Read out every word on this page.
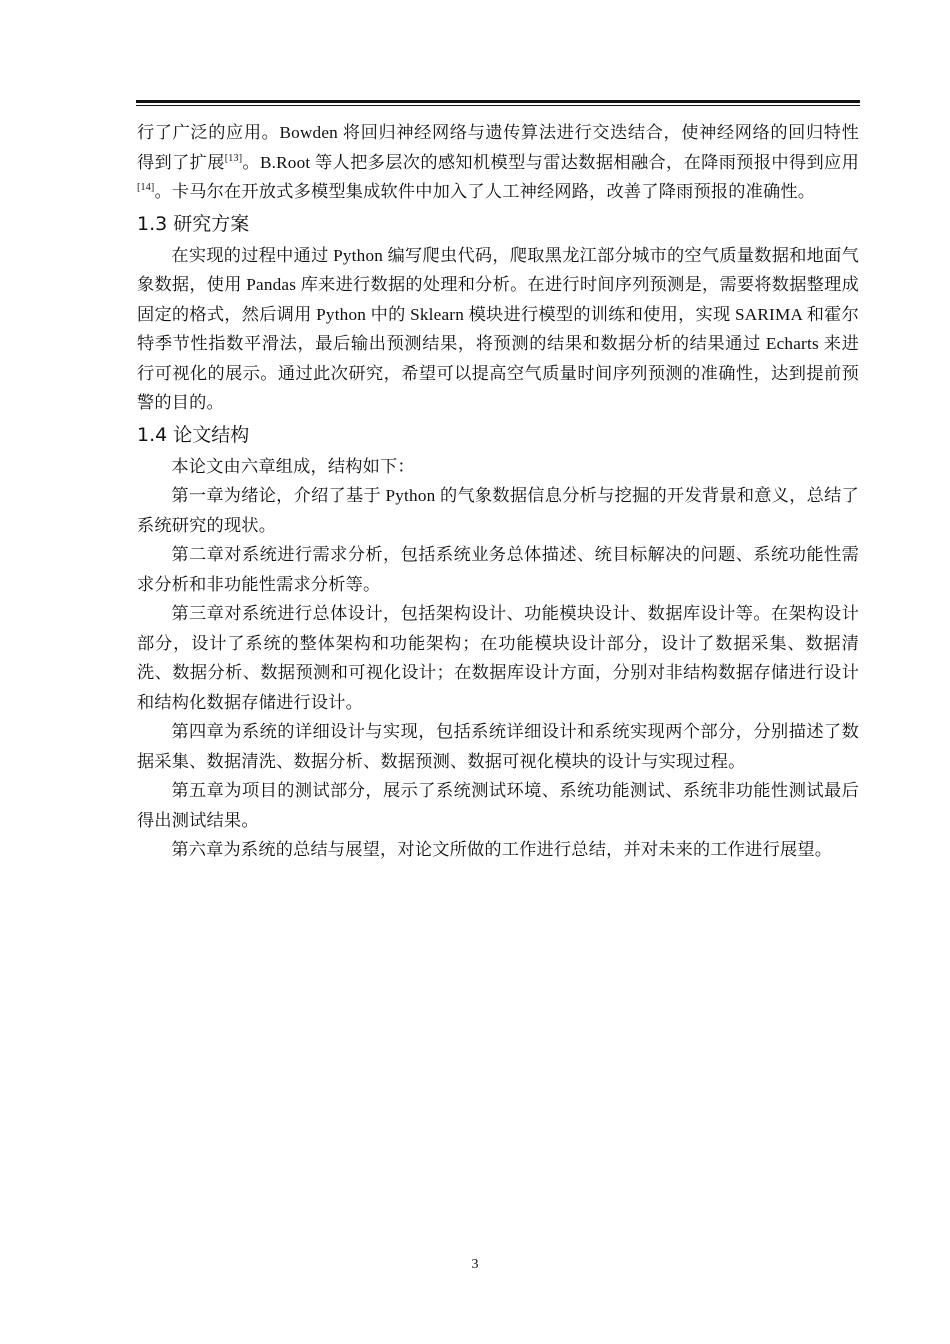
行了广泛的应用。Bowden 将回归神经网络与遗传算法进行交迭结合，使神经网络的回归特性得到了扩展[13]。B.Root 等人把多层次的感知机模型与雷达数据相融合，在降雨预报中得到应用[14]。卡马尔在开放式多模型集成软件中加入了人工神经网路，改善了降雨预报的准确性。

1.3 研究方案

在实现的过程中通过 Python 编写爬虫代码，爬取黑龙江部分城市的空气质量数据和地面气象数据，使用 Pandas 库来进行数据的处理和分析。在进行时间序列预测是，需要将数据整理成固定的格式，然后调用 Python 中的 Sklearn 模块进行模型的训练和使用，实现 SARIMA 和霍尔特季节性指数平滑法，最后输出预测结果，将预测的结果和数据分析的结果通过 Echarts 来进行可视化的展示。通过此次研究，希望可以提高空气质量时间序列预测的准确性，达到提前预警的目的。

1.4 论文结构

本论文由六章组成，结构如下：

第一章为绪论，介绍了基于 Python 的气象数据信息分析与挖掘的开发背景和意义，总结了系统研究的现状。

第二章对系统进行需求分析，包括系统业务总体描述、统目标解决的问题、系统功能性需求分析和非功能性需求分析等。

第三章对系统进行总体设计，包括架构设计、功能模块设计、数据库设计等。在架构设计部分，设计了系统的整体架构和功能架构；在功能模块设计部分，设计了数据采集、数据清洗、数据分析、数据预测和可视化设计；在数据库设计方面，分别对非结构数据存储进行设计和结构化数据存储进行设计。

第四章为系统的详细设计与实现，包括系统详细设计和系统实现两个部分，分别描述了数据采集、数据清洗、数据分析、数据预测、数据可视化模块的设计与实现过程。

第五章为项目的测试部分，展示了系统测试环境、系统功能测试、系统非功能性测试最后得出测试结果。

第六章为系统的总结与展望，对论文所做的工作进行总结，并对未来的工作进行展望。

3
